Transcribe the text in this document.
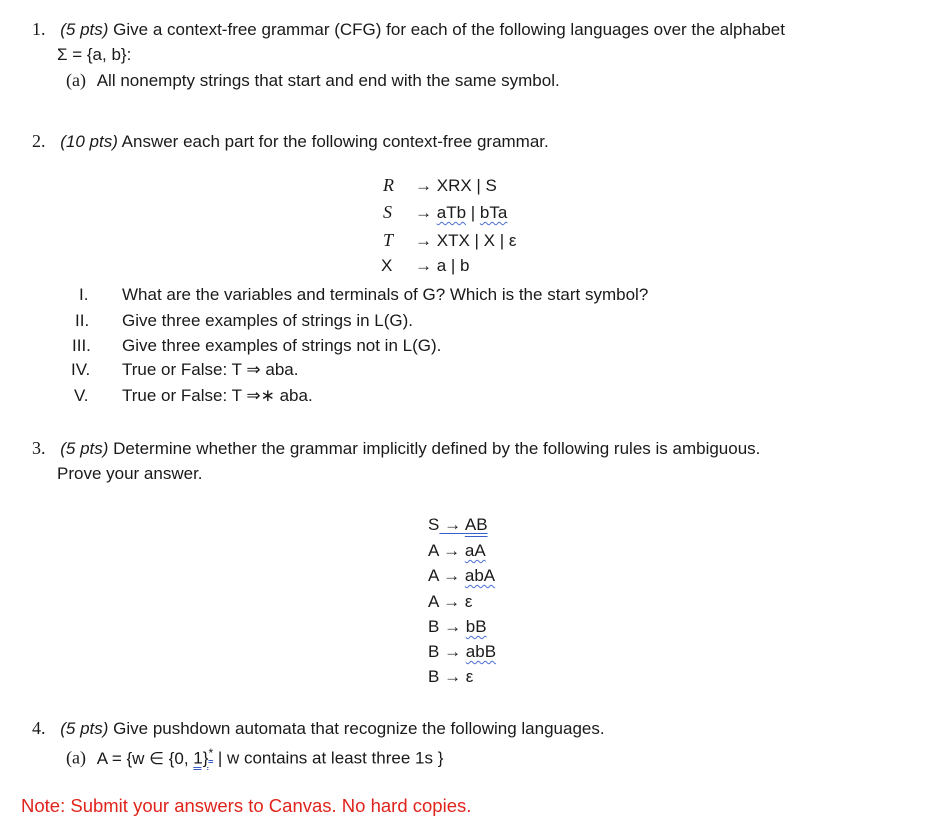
1. (5 pts) Give a context-free grammar (CFG) for each of the following languages over the alphabet
Σ = {a, b}:
(a) All nonempty strings that start and end with the same symbol.
2. (10 pts) Answer each part for the following context-free grammar.
R → XRX | S
S → aTb | bTa
T → XTX | X | ε
X → a | b
I. What are the variables and terminals of G? Which is the start symbol?
II. Give three examples of strings in L(G).
III. Give three examples of strings not in L(G).
IV. True or False: T ⇒ aba.
V. True or False: T ⇒∗ aba.
3. (5 pts) Determine whether the grammar implicitly defined by the following rules is ambiguous.
Prove your answer.
S → AB
A → aA
A → abA
A → ε
B → bB
B → abB
B → ε
4. (5 pts) Give pushdown automata that recognize the following languages.
(a) A = {w ∈ {0, 1}* | w contains at least three 1s }
Note: Submit your answers to Canvas. No hard copies.
